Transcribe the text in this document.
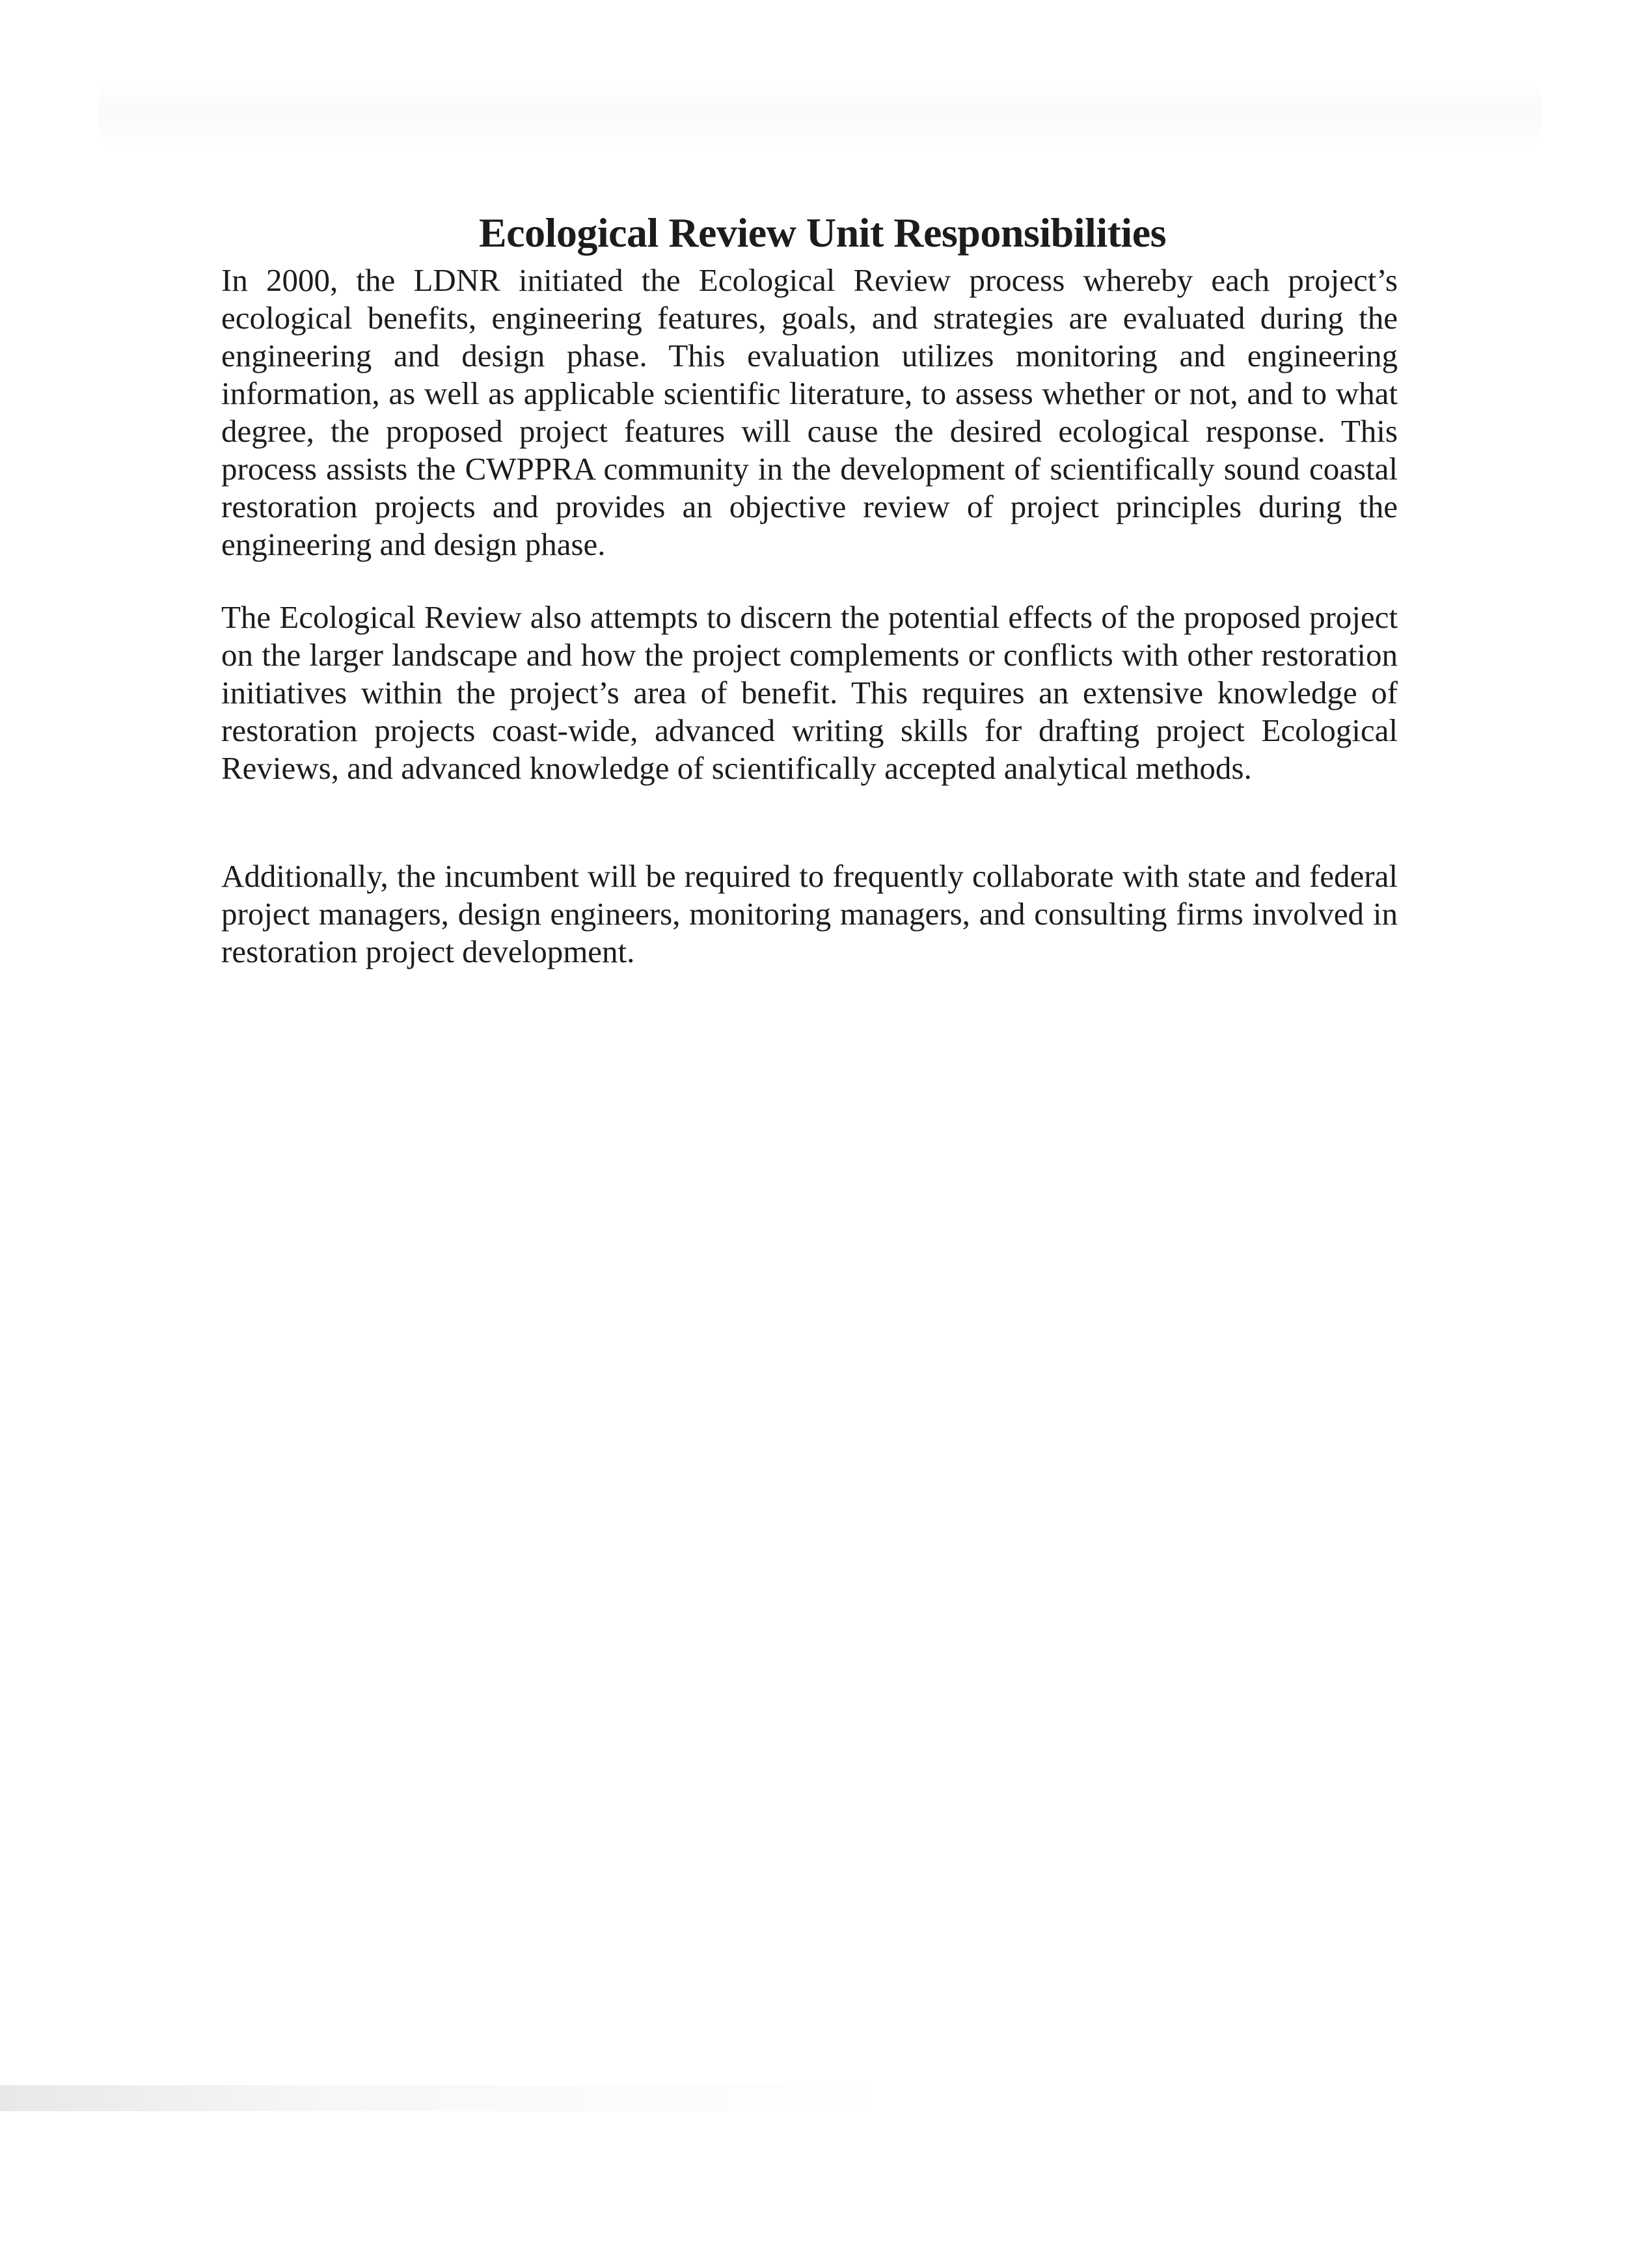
Ecological Review Unit Responsibilities

In 2000, the LDNR initiated the Ecological Review process whereby each project’s ecological benefits, engineering features, goals, and strategies are evaluated during the engineering and design phase. This evaluation utilizes monitoring and engineering information, as well as applicable scientific literature, to assess whether or not, and to what degree, the proposed project features will cause the desired ecological response. This process assists the CWPPRA community in the development of scientifically sound coastal restoration projects and provides an objective review of project principles during the engineering and design phase.

The Ecological Review also attempts to discern the potential effects of the proposed project on the larger landscape and how the project complements or conflicts with other restoration initiatives within the project’s area of benefit. This requires an extensive knowledge of restoration projects coast-wide, advanced writing skills for drafting project Ecological Reviews, and advanced knowledge of scientifically accepted analytical methods.

Additionally, the incumbent will be required to frequently collaborate with state and federal project managers, design engineers, monitoring managers, and consulting firms involved in restoration project development.
